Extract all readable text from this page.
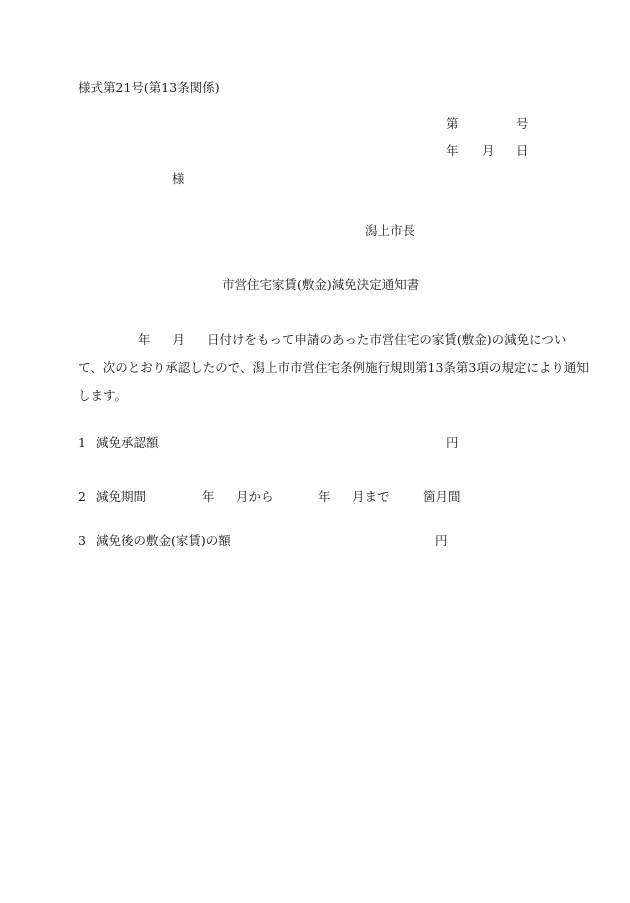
様式第21号(第13条関係)
第	号
年 月 日
様
潟上市長
市営住宅家賃(敷金)減免決定通知書
年 月 日付けをもって申請のあった市営住宅の家賃(敷金)の減免につい
て、次のとおり承認したので、潟上市市営住宅条例施行規則第13条第3項の規定により通知
します。
1 減免承認額	円
2 減免期間	年 月から	年 月まで	箇月間
3 減免後の敷金(家賃)の額	円
